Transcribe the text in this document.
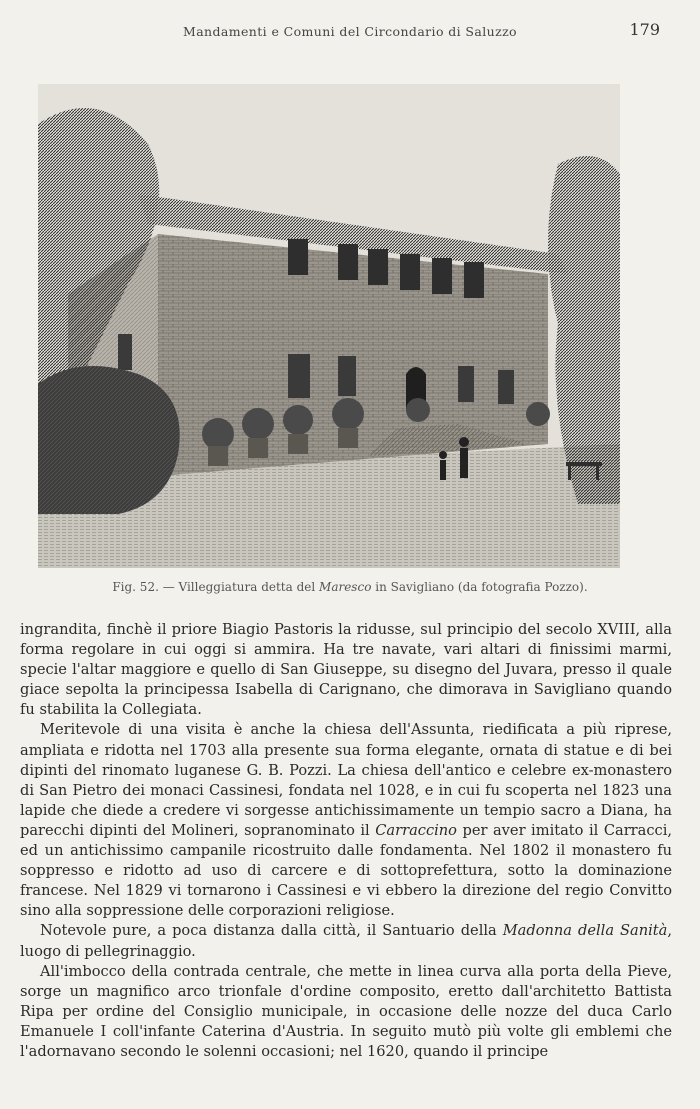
Mandamenti e Comuni del Circondario di Saluzzo	179
Fig. 52. — Villeggiatura detta del Maresco in Savigliano (da fotografia Pozzo).

ingrandita, finchè il priore Biagio Pastoris la ridusse, sul principio del secolo XVIII, alla forma regolare in cui oggi si ammira. Ha tre navate, vari altari di finissimi marmi, specie l'altar maggiore e quello di San Giuseppe, su disegno del Juvara, presso il quale giace sepolta la principessa Isabella di Carignano, che dimorava in Savigliano quando fu stabilita la Collegiata.

Meritevole di una visita è anche la chiesa dell'Assunta, riedificata a più riprese, ampliata e ridotta nel 1703 alla presente sua forma elegante, ornata di statue e di bei dipinti del rinomato luganese G. B. Pozzi. La chiesa dell'antico e celebre ex-monastero di San Pietro dei monaci Cassinesi, fondata nel 1028, e in cui fu scoperta nel 1823 una lapide che diede a credere vi sorgesse antichissimamente un tempio sacro a Diana, ha parecchi dipinti del Molineri, sopranominato il Carraccino per aver imitato il Carracci, ed un antichissimo campanile ricostruito dalle fondamenta. Nel 1802 il monastero fu soppresso e ridotto ad uso di carcere e di sottoprefettura, sotto la dominazione francese. Nel 1829 vi tornarono i Cassinesi e vi ebbero la direzione del regio Convitto sino alla soppressione delle corporazioni religiose.

Notevole pure, a poca distanza dalla città, il Santuario della Madonna della Sanità, luogo di pellegrinaggio.

All'imbocco della contrada centrale, che mette in linea curva alla porta della Pieve, sorge un magnifico arco trionfale d'ordine composito, eretto dall'architetto Battista Ripa per ordine del Consiglio municipale, in occasione delle nozze del duca Carlo Emanuele I coll'infante Caterina d'Austria. In seguito mutò più volte gli emblemi che l'adornavano secondo le solenni occasioni; nel 1620, quando il principe
